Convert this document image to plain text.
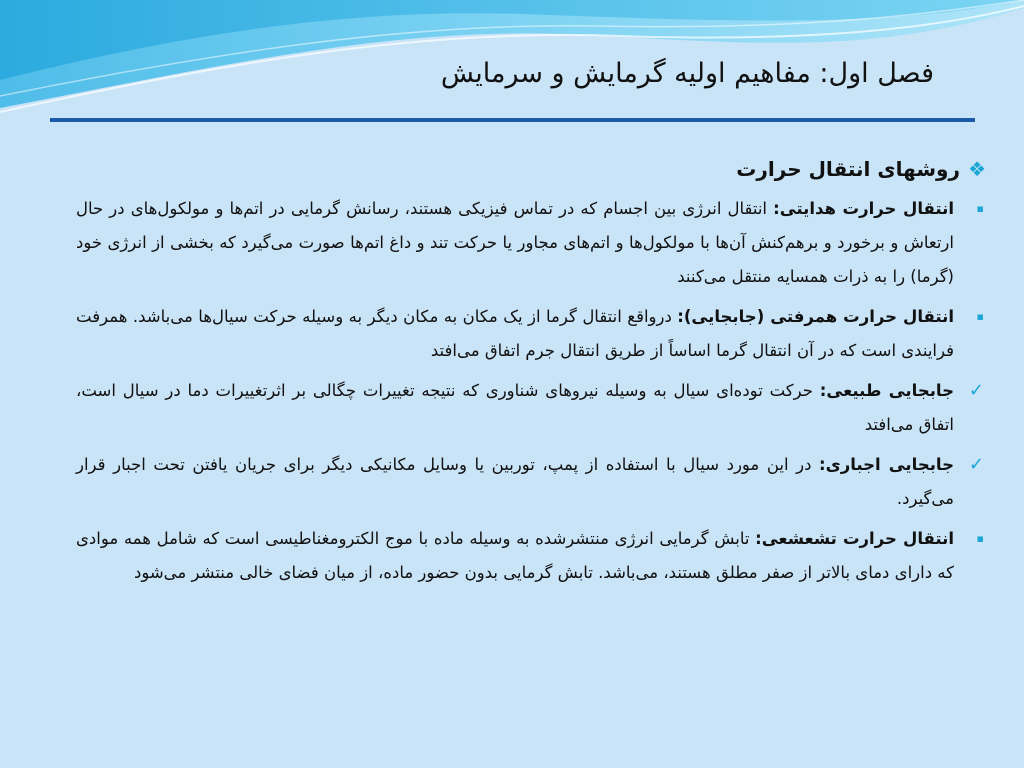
فصل اول: مفاهیم اولیه گرمایش و سرمایش
❖
روشهای انتقال حرارت
▪
انتقال حرارت هدایتی: انتقال انرژی بین اجسام که در تماس فیزیکی هستند، رسانش گرمایی در اتم‌ها و مولکول‌های در حال ارتعاش و برخورد و برهم‌کنش آن‌ها با مولکول‌ها و اتم‌های مجاور یا حرکت تند و داغ اتم‌ها صورت می‌گیرد که بخشی از انرژی خود (گرما) را به ذرات همسایه منتقل می‌کنند
▪
انتقال حرارت همرفتی (جابجایی): درواقع انتقال گرما از یک مکان به مکان دیگر به وسیله حرکت سیال‌ها می‌باشد. همرفت فرایندی است که در آن انتقال گرما اساساً از طریق انتقال جرم اتفاق می‌افتد
✓
جابجایی طبیعی: حرکت توده‌ای سیال به وسیله نیروهای شناوری که نتیجه تغییرات چگالی بر اثرتغییرات دما در سیال است، اتفاق می‌افتد
✓
جابجایی اجباری: در این مورد سیال با استفاده از پمپ، توربین یا وسایل مکانیکی دیگر برای جریان یافتن تحت اجبار قرار می‌گیرد.
▪
انتقال حرارت تشعشعی: تابش گرمایی انرژی منتشرشده به وسیله ماده با موج الکترومغناطیسی است که شامل همه موادی که دارای دمای بالاتر از صفر مطلق هستند، می‌باشد. تابش گرمایی بدون حضور ماده، از میان فضای خالی منتشر می‌شود
